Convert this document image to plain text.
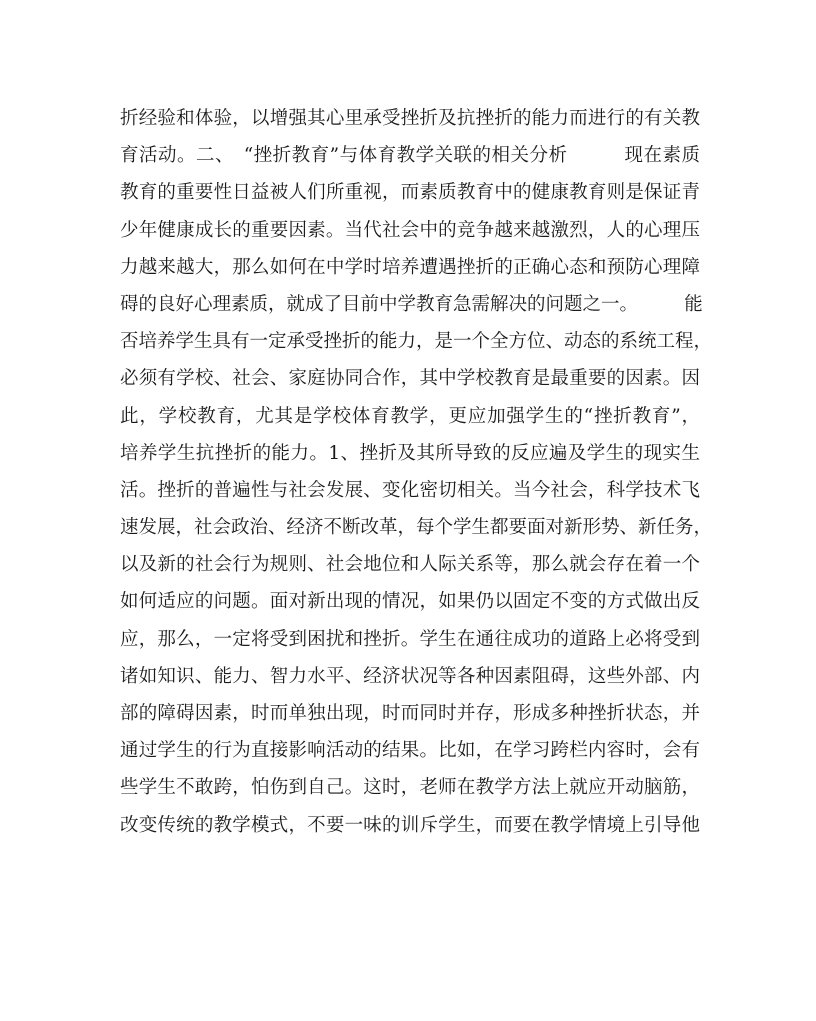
折经验和体验，以增强其心里承受挫折及抗挫折的能力而进行的有关教
育活动。二、　“挫折教育”与体育教学关联的相关分析　　　现在素质
教育的重要性日益被人们所重视，而素质教育中的健康教育则是保证青
少年健康成长的重要因素。当代社会中的竞争越来越激烈，人的心理压
力越来越大，那么如何在中学时培养遭遇挫折的正确心态和预防心理障
碍的良好心理素质，就成了目前中学教育急需解决的问题之一。　　　能
否培养学生具有一定承受挫折的能力，是一个全方位、动态的系统工程，
必须有学校、社会、家庭协同合作，其中学校教育是最重要的因素。因
此，学校教育，尤其是学校体育教学，更应加强学生的“挫折教育”，
培养学生抗挫折的能力。1、挫折及其所导致的反应遍及学生的现实生
活。挫折的普遍性与社会发展、变化密切相关。当今社会，科学技术飞
速发展，社会政治、经济不断改革，每个学生都要面对新形势、新任务，
以及新的社会行为规则、社会地位和人际关系等，那么就会存在着一个
如何适应的问题。面对新出现的情况，如果仍以固定不变的方式做出反
应，那么，一定将受到困扰和挫折。学生在通往成功的道路上必将受到
诸如知识、能力、智力水平、经济状况等各种因素阻碍，这些外部、内
部的障碍因素，时而单独出现，时而同时并存，形成多种挫折状态，并
通过学生的行为直接影响活动的结果。比如，在学习跨栏内容时，会有
些学生不敢跨，怕伤到自己。这时，老师在教学方法上就应开动脑筋，
改变传统的教学模式，不要一味的训斥学生，而要在教学情境上引导他
